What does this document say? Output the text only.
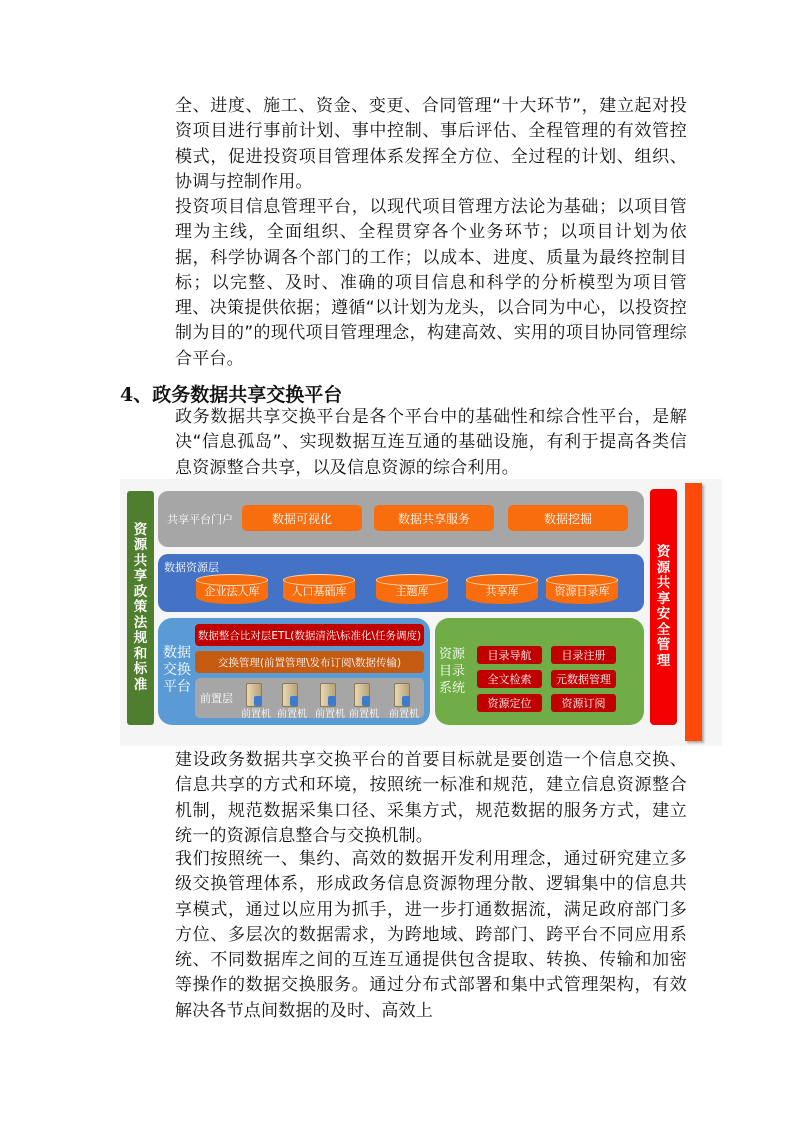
全、进度、施工、资金、变更、合同管理“十大环节”，建立起对投资项目进行事前计划、事中控制、事后评估、全程管理的有效管控模式，促进投资项目管理体系发挥全方位、全过程的计划、组织、协调与控制作用。
投资项目信息管理平台，以现代项目管理方法论为基础；以项目管理为主线，全面组织、全程贯穿各个业务环节；以项目计划为依据，科学协调各个部门的工作；以成本、进度、质量为最终控制目标；以完整、及时、准确的项目信息和科学的分析模型为项目管理、决策提供依据；遵循“以计划为龙头，以合同为中心，以投资控制为目的”的现代项目管理理念，构建高效、实用的项目协同管理综合平台。
4、政务数据共享交换平台
政务数据共享交换平台是各个平台中的基础性和综合性平台，是解决“信息孤岛”、实现数据互连互通的基础设施，有利于提高各类信息资源整合共享，以及信息资源的综合利用。
资源共享政策法规和标准
共享平台门户	数据可视化	数据共享服务	数据挖掘
数据资源层
企业法人库	人口基础库	主题库	共享库	资源目录库
数据交换平台
数据整合比对层ETL(数据清洗\标准化\任务调度)
交换管理(前置管理\发布订阅\数据传输)
前置层
前置机 前置机 前置机 前置机 前置机
资源目录系统
目录导航	目录注册
全文检索	元数据管理
资源定位	资源订阅
资源共享安全管理
建设政务数据共享交换平台的首要目标就是要创造一个信息交换、信息共享的方式和环境，按照统一标准和规范，建立信息资源整合机制，规范数据采集口径、采集方式，规范数据的服务方式，建立统一的资源信息整合与交换机制。
我们按照统一、集约、高效的数据开发利用理念，通过研究建立多级交换管理体系，形成政务信息资源物理分散、逻辑集中的信息共享模式，通过以应用为抓手，进一步打通数据流，满足政府部门多方位、多层次的数据需求，为跨地域、跨部门、跨平台不同应用系统、不同数据库之间的互连互通提供包含提取、转换、传输和加密等操作的数据交换服务。通过分布式部署和集中式管理架构，有效解决各节点间数据的及时、高效上
